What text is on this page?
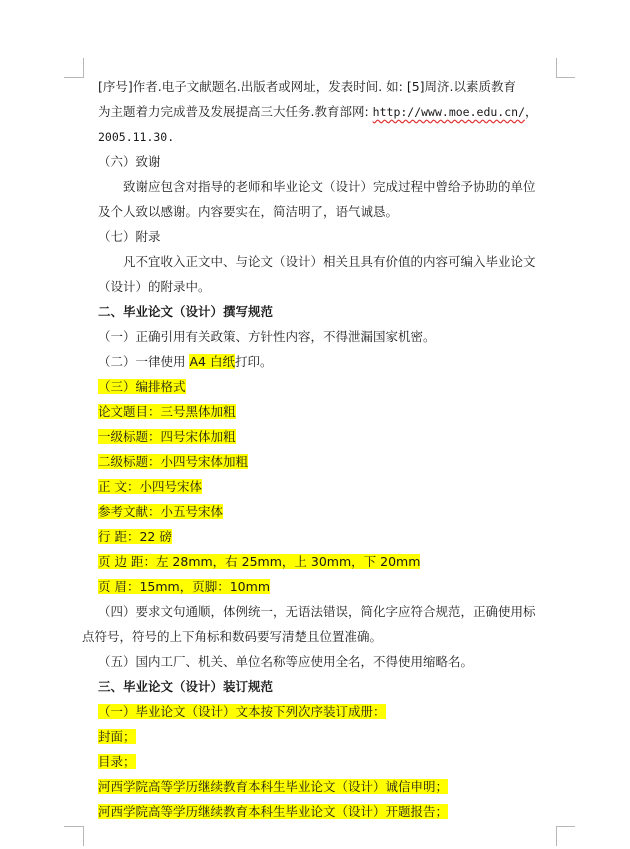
[序号]作者.电子文献题名.出版者或网址，发表时间. 如: [5]周济.以素质教育
为主题着力完成普及发展提高三大任务.教育部网: http://www.moe.edu.cn/，
2005.11.30.
（六）致谢
致谢应包含对指导的老师和毕业论文（设计）完成过程中曾给予协助的单位
及个人致以感谢。内容要实在，简洁明了，语气诚恳。
（七）附录
凡不宜收入正文中、与论文（设计）相关且具有价值的内容可编入毕业论文
（设计）的附录中。
二、毕业论文（设计）撰写规范
（一）正确引用有关政策、方针性内容，不得泄漏国家机密。
（二）一律使用 A4 白纸打印。
（三）编排格式
论文题目：三号黑体加粗
一级标题：四号宋体加粗
二级标题：小四号宋体加粗
正 文：小四号宋体
参考文献：小五号宋体
行 距：22 磅
页 边 距：左 28mm，右 25mm，上 30mm，下 20mm
页 眉：15mm，页脚：10mm
（四）要求文句通顺，体例统一，无语法错误，简化字应符合规范，正确使用标
点符号，符号的上下角标和数码要写清楚且位置准确。
（五）国内工厂、机关、单位名称等应使用全名，不得使用缩略名。
三、毕业论文（设计）装订规范
（一）毕业论文（设计）文本按下列次序装订成册：
封面；
目录；
河西学院高等学历继续教育本科生毕业论文（设计）诚信申明；
河西学院高等学历继续教育本科生毕业论文（设计）开题报告；
